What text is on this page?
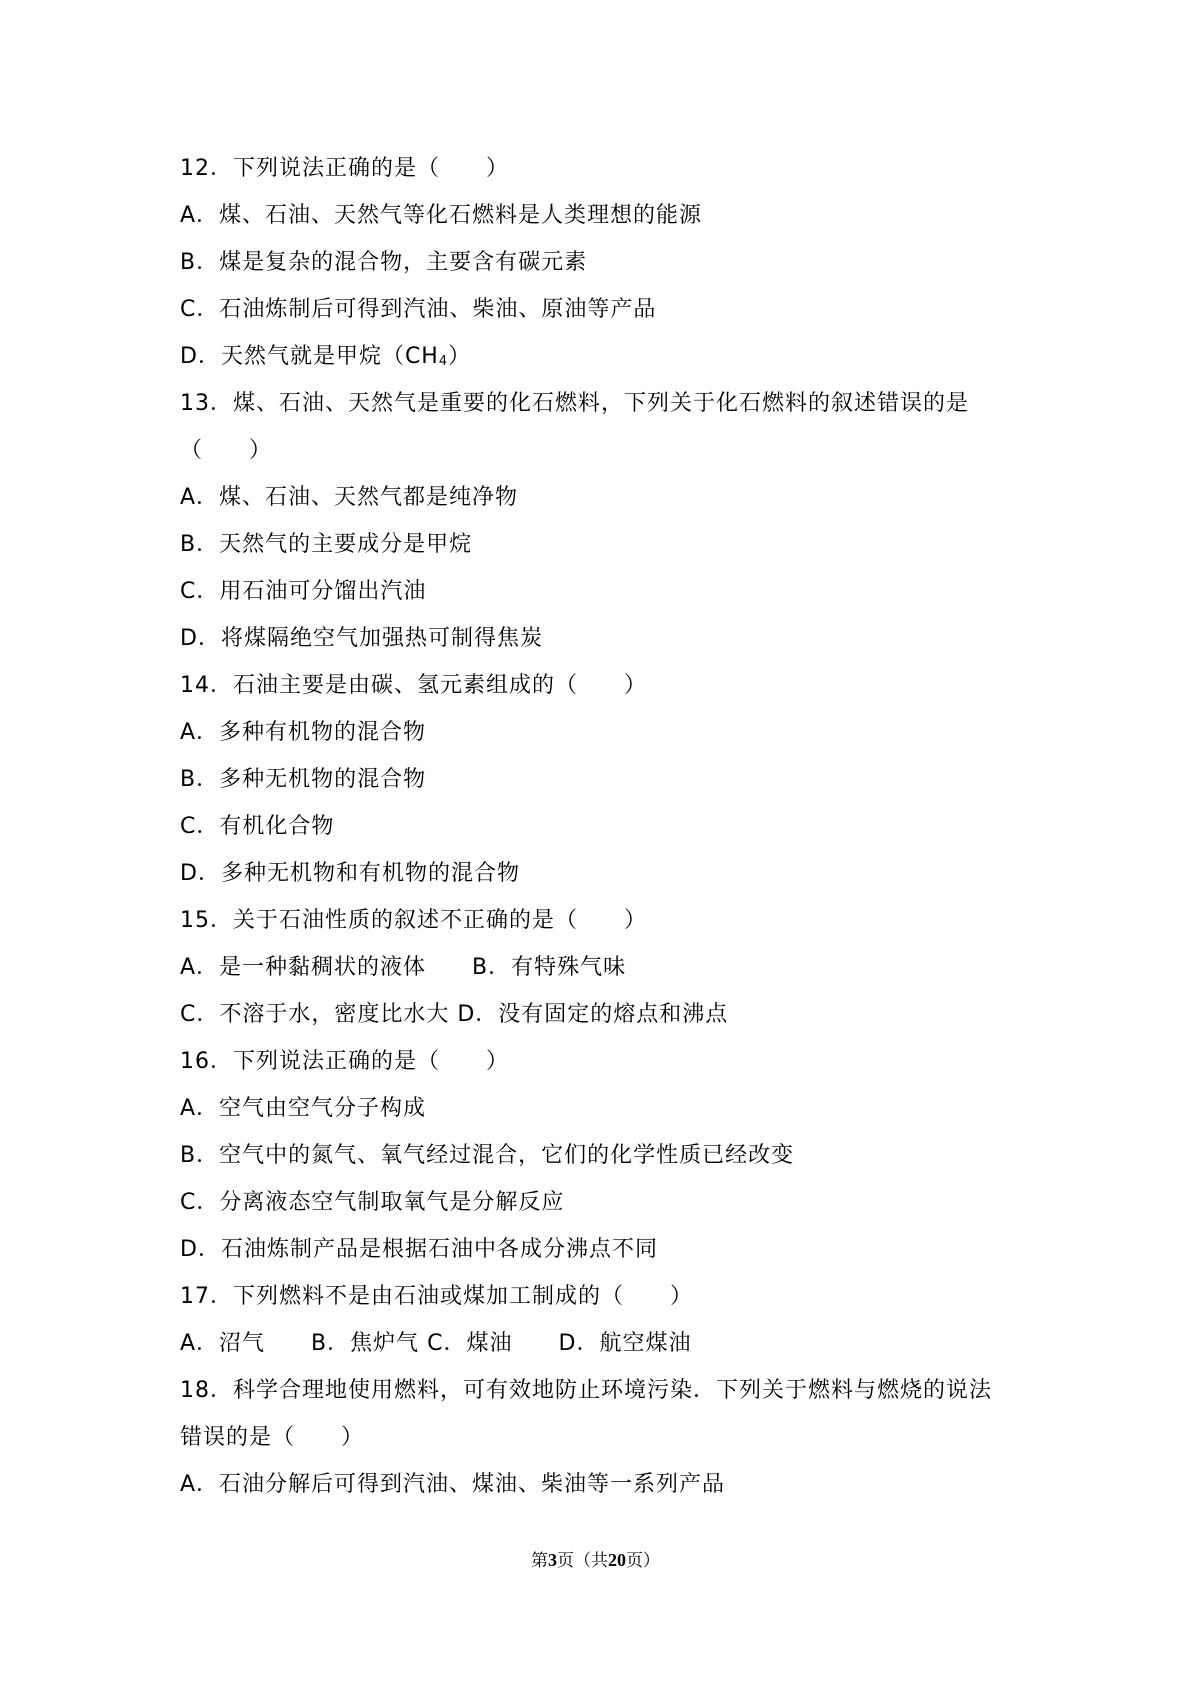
12．下列说法正确的是（　　）
A．煤、石油、天然气等化石燃料是人类理想的能源
B．煤是复杂的混合物，主要含有碳元素
C．石油炼制后可得到汽油、柴油、原油等产品
D．天然气就是甲烷$(CH_4)$
13．煤、石油、天然气是重要的化石燃料，下列关于化石燃料的叙述错误的是
（　　）
A．煤、石油、天然气都是纯净物
B．天然气的主要成分是甲烷
C．用石油可分馏出汽油
D．将煤隔绝空气加强热可制得焦炭
14．石油主要是由碳、氢元素组成的（　　）
A．多种有机物的混合物
B．多种无机物的混合物
C．有机化合物
D．多种无机物和有机物的混合物
15．关于石油性质的叙述不正确的是（　　）
A．是一种黏稠状的液体　　B．有特殊气味
C．不溶于水，密度比水大 D．没有固定的熔点和沸点
16．下列说法正确的是（　　）
A．空气由空气分子构成
B．空气中的氮气、氧气经过混合，它们的化学性质已经改变
C．分离液态空气制取氧气是分解反应
D．石油炼制产品是根据石油中各成分沸点不同
17．下列燃料不是由石油或煤加工制成的（　　）
A．沼气　　B．焦炉气 C．煤油　　D．航空煤油
18．科学合理地使用燃料，可有效地防止环境污染．下列关于燃料与燃烧的说法
错误的是（　　）
A．石油分解后可得到汽油、煤油、柴油等一系列产品
第3页（共20页）
